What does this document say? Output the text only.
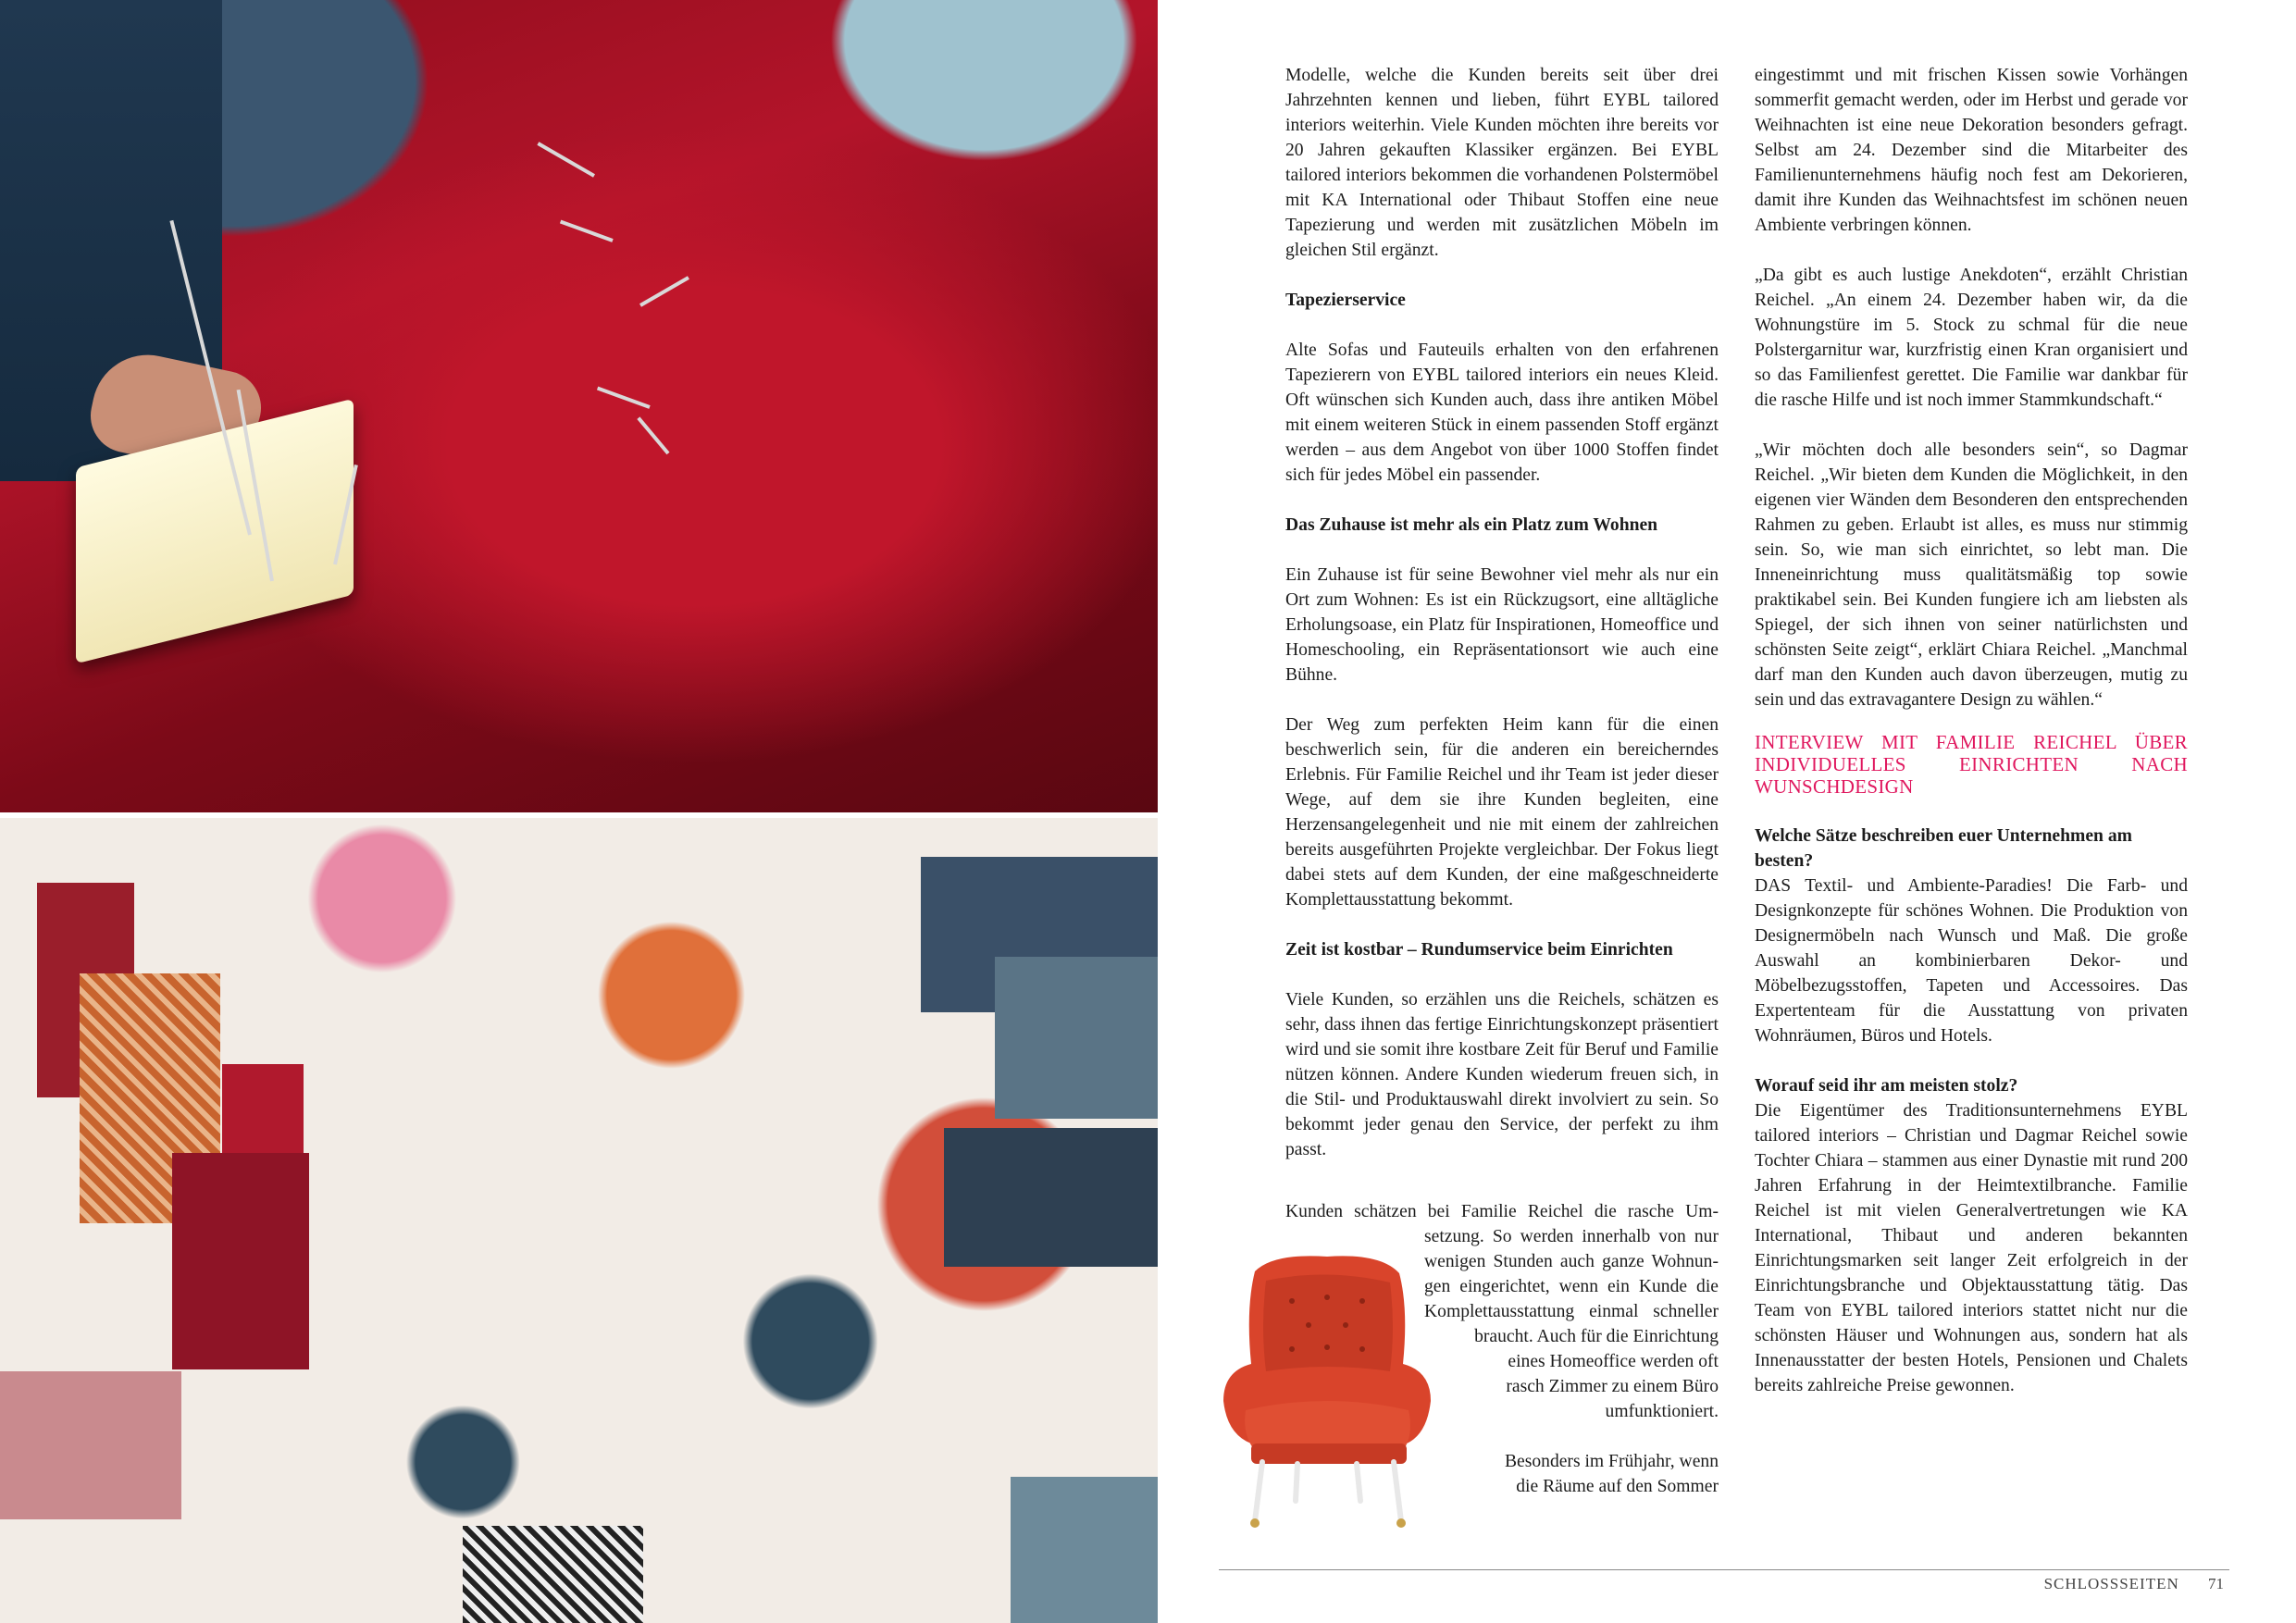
Modelle, welche die Kunden bereits seit über drei Jahrzehnten kennen und lieben, führt EYBL tailored interiors weiterhin. Viele Kunden möchten ihre bereits vor 20 Jahren gekauften Klassiker ergänzen. Bei EYBL tailored interiors bekommen die vorhandenen Polstermöbel mit KA International oder Thibaut Stoffen eine neue Tapezierung und werden mit zusätzlichen Möbeln im gleichen Stil ergänzt.

Tapezierservice

Alte Sofas und Fauteuils erhalten von den erfahrenen Tapezierern von EYBL tailored interiors ein neues Kleid. Oft wünschen sich Kunden auch, dass ihre antiken Möbel mit einem weiteren Stück in einem passenden Stoff ergänzt werden – aus dem Angebot von über 1000 Stoffen findet sich für jedes Möbel ein passender.

Das Zuhause ist mehr als ein Platz zum Wohnen

Ein Zuhause ist für seine Bewohner viel mehr als nur ein Ort zum Wohnen: Es ist ein Rückzugsort, eine alltägliche Erholungsoase, ein Platz für Inspirationen, Homeoffice und Homeschooling, ein Repräsentationsort wie auch eine Bühne.

Der Weg zum perfekten Heim kann für die einen beschwerlich sein, für die anderen ein bereicherndes Erlebnis. Für Familie Reichel und ihr Team ist jeder dieser Wege, auf dem sie ihre Kunden begleiten, eine Herzensangelegenheit und nie mit einem der zahlreichen bereits ausgeführten Projekte vergleichbar. Der Fokus liegt dabei stets auf dem Kunden, der eine maßgeschneiderte Komplettausstattung bekommt.

Zeit ist kostbar – Rundumservice beim Einrichten

Viele Kunden, so erzählen uns die Reichels, schätzen es sehr, dass ihnen das fertige Einrichtungskonzept präsentiert wird und sie somit ihre kostbare Zeit für Beruf und Familie nützen können. Andere Kunden wiederum freuen sich, in die Stil- und Produktauswahl direkt involviert zu sein. So bekommt jeder genau den Service, der perfekt zu ihm passt.

Kunden schätzen bei Familie Reichel die rasche Um-
setzung. So werden innerhalb von nur
wenigen Stunden auch ganze Wohnun-
gen eingerichtet, wenn ein Kunde die
Komplettausstattung einmal schneller
braucht. Auch für die Einrichtung
eines Homeoffice werden oft
rasch Zimmer zu einem Büro
umfunktioniert.
Besonders im Frühjahr, wenn
die Räume auf den Sommer

eingestimmt und mit frischen Kissen sowie Vorhängen sommerfit gemacht werden, oder im Herbst und gerade vor Weihnachten ist eine neue Dekoration besonders gefragt. Selbst am 24. Dezember sind die Mitarbeiter des Familienunternehmens häufig noch fest am Dekorieren, damit ihre Kunden das Weihnachtsfest im schönen neuen Ambiente verbringen können.

„Da gibt es auch lustige Anekdoten“, erzählt Christian Reichel. „An einem 24. Dezember haben wir, da die Wohnungstüre im 5. Stock zu schmal für die neue Polstergarnitur war, kurzfristig einen Kran organisiert und so das Familienfest gerettet. Die Familie war dankbar für die rasche Hilfe und ist noch immer Stammkundschaft.“

„Wir möchten doch alle besonders sein“, so Dagmar Reichel. „Wir bieten dem Kunden die Möglichkeit, in den eigenen vier Wänden dem Besonderen den entsprechenden Rahmen zu geben. Erlaubt ist alles, es muss nur stimmig sein. So, wie man sich einrichtet, so lebt man. Die Inneneinrichtung muss qualitätsmäßig top sowie praktikabel sein. Bei Kunden fungiere ich am liebsten als Spiegel, der sich ihnen von seiner natürlichsten und schönsten Seite zeigt“, erklärt Chiara Reichel. „Manchmal darf man den Kunden auch davon überzeugen, mutig zu sein und das extravagantere Design zu wählen.“

INTERVIEW MIT FAMILIE REICHEL ÜBER INDIVIDUELLES EINRICHTEN NACH WUNSCHDESIGN
Welche Sätze beschreiben euer Unternehmen am besten?

DAS Textil- und Ambiente-Paradies! Die Farb- und Designkonzepte für schönes Wohnen. Die Produktion von Designermöbeln nach Wunsch und Maß. Die große Auswahl an kombinierbaren Dekor- und Möbelbezugsstoffen, Tapeten und Accessoires. Das Expertenteam für die Ausstattung von privaten Wohnräumen, Büros und Hotels.

Worauf seid ihr am meisten stolz?

Die Eigentümer des Traditionsunternehmens EYBL tailored interiors – Christian und Dagmar Reichel sowie Tochter Chiara – stammen aus einer Dynastie mit rund 200 Jahren Erfahrung in der Heimtextilbranche. Familie Reichel ist mit vielen Generalvertretungen wie KA International, Thibaut und anderen bekannten Einrichtungsmarken seit langer Zeit erfolgreich in der Einrichtungsbranche und Objektausstattung tätig. Das Team von EYBL tailored interiors stattet nicht nur die schönsten Häuser und Wohnungen aus, sondern hat als Innenausstatter der besten Hotels, Pensionen und Chalets bereits zahlreiche Preise gewonnen.

SCHLOSSSEITEN 71
